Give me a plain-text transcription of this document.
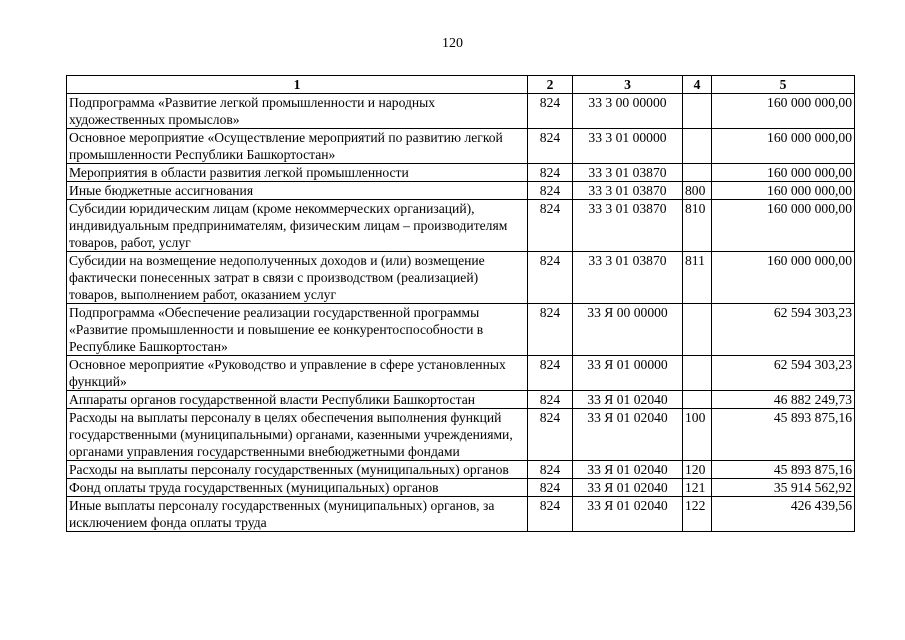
120
1	2	3	4	5
Подпрограмма «Развитие легкой промышленности и народных художественных промыслов»	824	33 3 00 00000		160 000 000,00
Основное мероприятие «Осуществление мероприятий по развитию легкой промышленности Республики Башкортостан»	824	33 3 01 00000		160 000 000,00
Мероприятия в области развития легкой промышленности	824	33 3 01 03870		160 000 000,00
Иные бюджетные ассигнования	824	33 3 01 03870	800	160 000 000,00
Субсидии юридическим лицам (кроме некоммерческих организаций), индивидуальным предпринимателям, физическим лицам – производителям товаров, работ, услуг	824	33 3 01 03870	810	160 000 000,00
Субсидии на возмещение недополученных доходов и (или) возмещение фактически понесенных затрат в связи с производством (реализацией) товаров, выполнением работ, оказанием услуг	824	33 3 01 03870	811	160 000 000,00
Подпрограмма «Обеспечение реализации государственной программы «Развитие промышленности и повышение ее конкурентоспособности в Республике Башкортостан»	824	33 Я 00 00000		62 594 303,23
Основное мероприятие «Руководство и управление в сфере установленных функций»	824	33 Я 01 00000		62 594 303,23
Аппараты органов государственной власти Республики Башкортостан	824	33 Я 01 02040		46 882 249,73
Расходы на выплаты персоналу в целях обеспечения выполнения функций государственными (муниципальными) органами, казенными учреждениями, органами управления государственными внебюджетными фондами	824	33 Я 01 02040	100	45 893 875,16
Расходы на выплаты персоналу государственных (муниципальных) органов	824	33 Я 01 02040	120	45 893 875,16
Фонд оплаты труда государственных (муниципальных) органов	824	33 Я 01 02040	121	35 914 562,92
Иные выплаты персоналу государственных (муниципальных) органов, за исключением фонда оплаты труда	824	33 Я 01 02040	122	426 439,56
